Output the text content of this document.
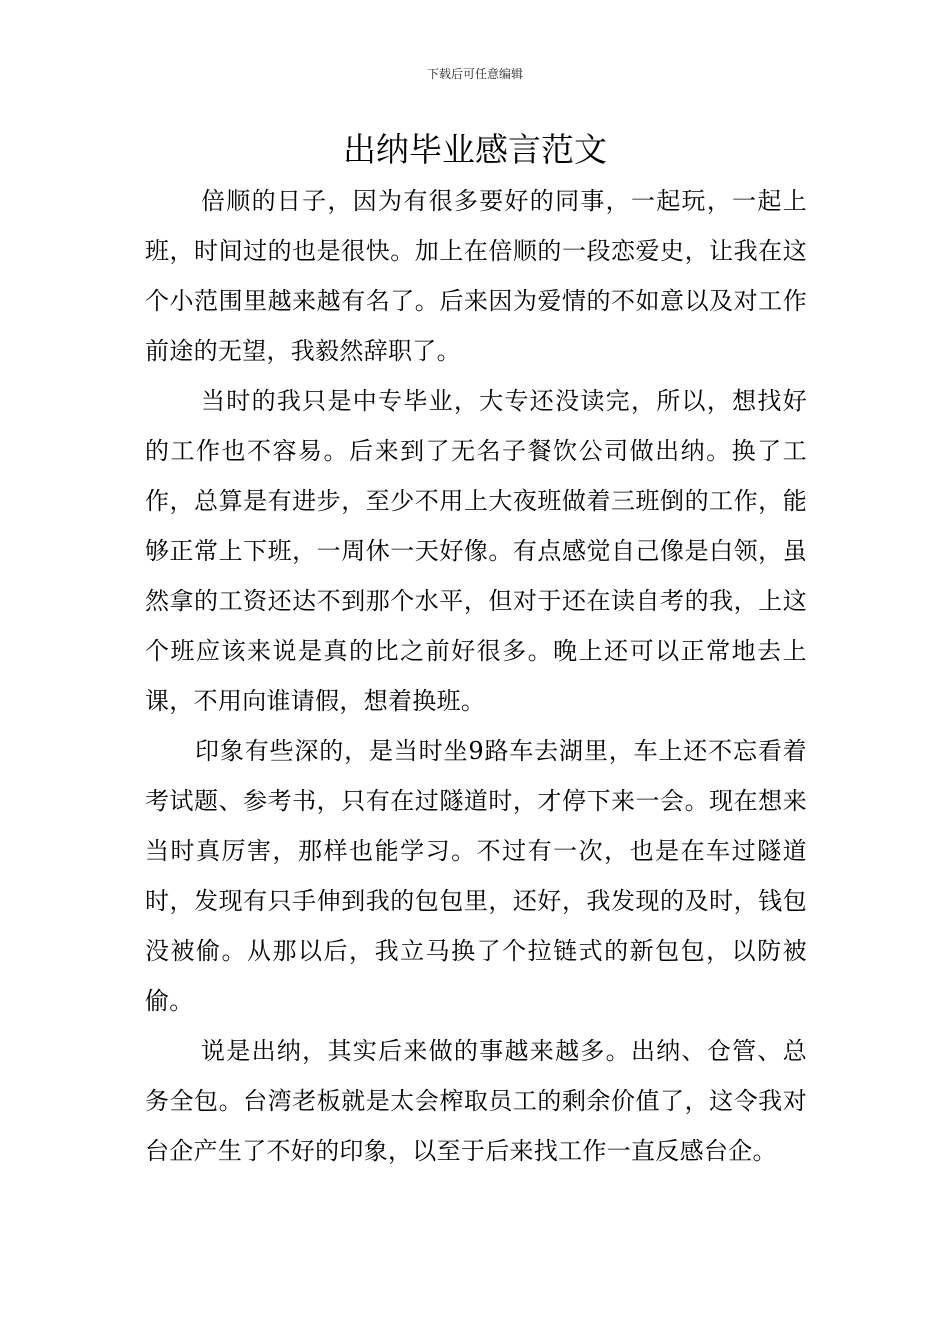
下载后可任意编辑
出纳毕业感言范文

倍顺的日子，因为有很多要好的同事，一起玩，一起上班，时间过的也是很快。加上在倍顺的一段恋爱史，让我在这个小范围里越来越有名了。后来因为爱情的不如意以及对工作前途的无望，我毅然辞职了。

当时的我只是中专毕业，大专还没读完，所以，想找好的工作也不容易。后来到了无名子餐饮公司做出纳。换了工作，总算是有进步，至少不用上大夜班做着三班倒的工作，能够正常上下班，一周休一天好像。有点感觉自己像是白领，虽然拿的工资还达不到那个水平，但对于还在读自考的我，上这个班应该来说是真的比之前好很多。晚上还可以正常地去上课，不用向谁请假，想着换班。

印象有些深的，是当时坐9路车去湖里，车上还不忘看着考试题、参考书，只有在过隧道时，才停下来一会。现在想来当时真厉害，那样也能学习。不过有一次，也是在车过隧道时，发现有只手伸到我的包包里，还好，我发现的及时，钱包没被偷。从那以后，我立马换了个拉链式的新包包，以防被偷。

说是出纳，其实后来做的事越来越多。出纳、仓管、总务全包。台湾老板就是太会榨取员工的剩余价值了，这令我对台企产生了不好的印象，以至于后来找工作一直反感台企。
